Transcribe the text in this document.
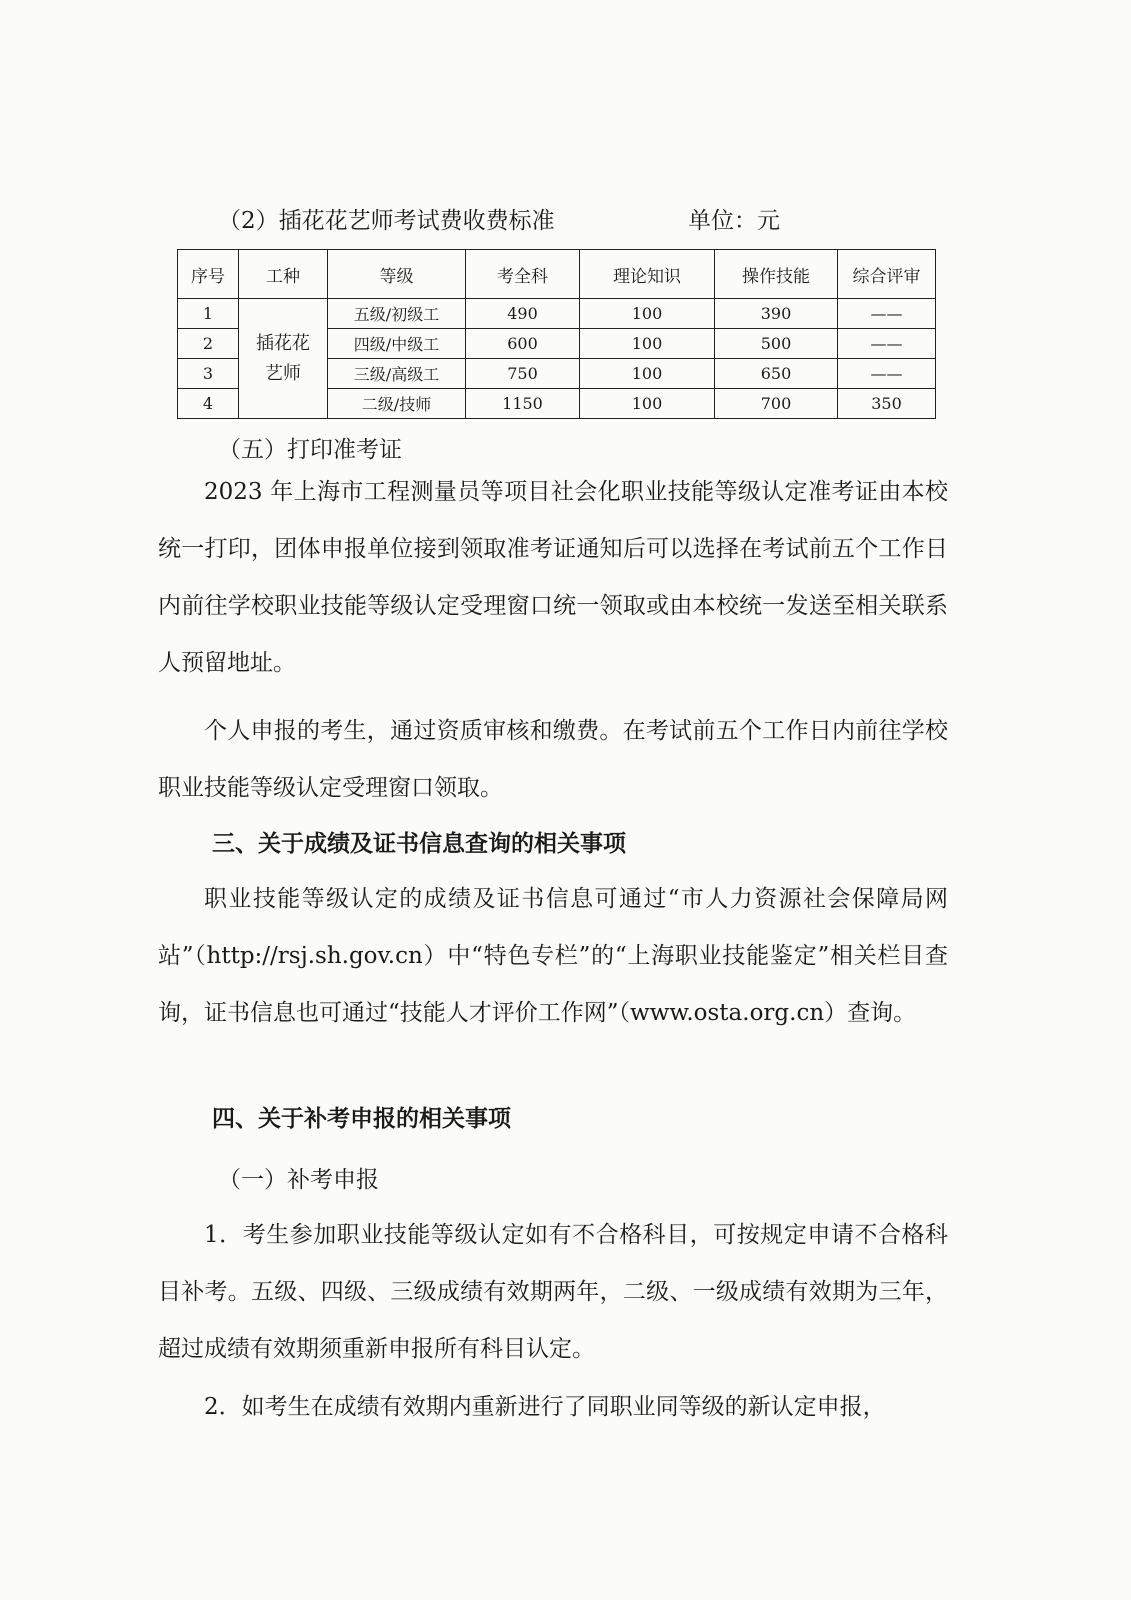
（2）插花花艺师考试费收费标准	单位：元
序号	工种	等级	考全科	理论知识	操作技能	综合评审
1	插花花艺师	五级/初级工	490	100	390	——
2		四级/中级工	600	100	500	——
3		三级/高级工	750	100	650	——
4		二级/技师	1150	100	700	350
（五）打印准考证

2023 年上海市工程测量员等项目社会化职业技能等级认定准考证由本校统一打印，团体申报单位接到领取准考证通知后可以选择在考试前五个工作日内前往学校职业技能等级认定受理窗口统一领取或由本校统一发送至相关联系人预留地址。

个人申报的考生，通过资质审核和缴费。在考试前五个工作日内前往学校职业技能等级认定受理窗口领取。

三、关于成绩及证书信息查询的相关事项

职业技能等级认定的成绩及证书信息可通过“市人力资源社会保障局网站”（http://rsj.sh.gov.cn）中“特色专栏”的“上海职业技能鉴定”相关栏目查询，证书信息也可通过“技能人才评价工作网”（www.osta.org.cn）查询。

四、关于补考申报的相关事项
（一）补考申报

1．考生参加职业技能等级认定如有不合格科目，可按规定申请不合格科目补考。五级、四级、三级成绩有效期两年，二级、一级成绩有效期为三年，超过成绩有效期须重新申报所有科目认定。

2．如考生在成绩有效期内重新进行了同职业同等级的新认定申报，
